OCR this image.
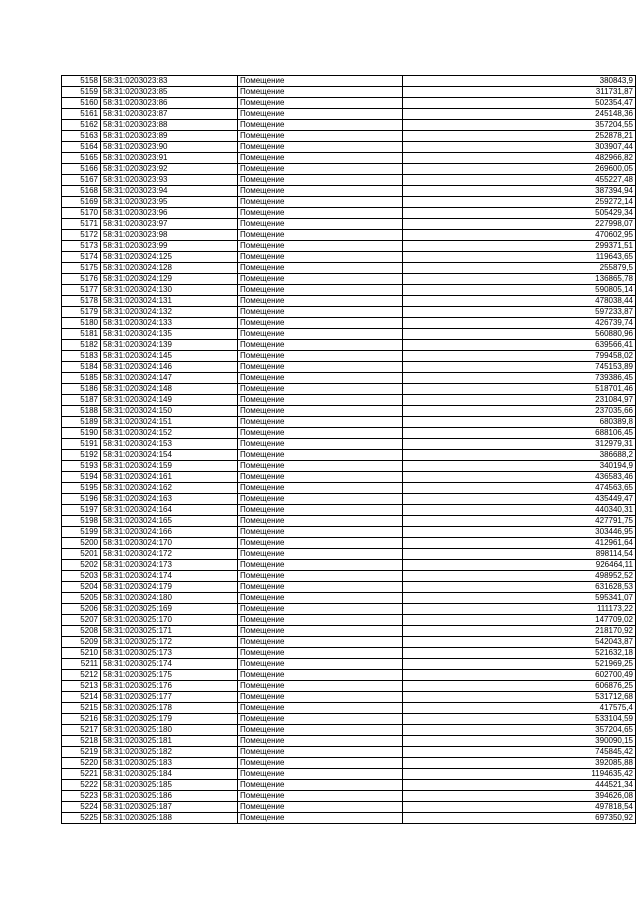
5158	58:31:0203023:83	Помещение	380843,9
5159	58:31:0203023:85	Помещение	311731,87
5160	58:31:0203023:86	Помещение	502354,47
5161	58:31:0203023:87	Помещение	245148,36
5162	58:31:0203023:88	Помещение	357204,55
5163	58:31:0203023:89	Помещение	252878,21
5164	58:31:0203023:90	Помещение	303907,44
5165	58:31:0203023:91	Помещение	482966,82
5166	58:31:0203023:92	Помещение	269600,05
5167	58:31:0203023:93	Помещение	455227,48
5168	58:31:0203023:94	Помещение	387394,94
5169	58:31:0203023:95	Помещение	259272,14
5170	58:31:0203023:96	Помещение	505429,34
5171	58:31:0203023:97	Помещение	227998,07
5172	58:31:0203023:98	Помещение	470602,95
5173	58:31:0203023:99	Помещение	299371,51
5174	58:31:0203024:125	Помещение	119643,65
5175	58:31:0203024:128	Помещение	255879,5
5176	58:31:0203024:129	Помещение	136865,78
5177	58:31:0203024:130	Помещение	590805,14
5178	58:31:0203024:131	Помещение	478038,44
5179	58:31:0203024:132	Помещение	597233,87
5180	58:31:0203024:133	Помещение	426739,74
5181	58:31:0203024:135	Помещение	560880,96
5182	58:31:0203024:139	Помещение	639566,41
5183	58:31:0203024:145	Помещение	799458,02
5184	58:31:0203024:146	Помещение	745153,89
5185	58:31:0203024:147	Помещение	739386,45
5186	58:31:0203024:148	Помещение	518701,46
5187	58:31:0203024:149	Помещение	231084,97
5188	58:31:0203024:150	Помещение	237035,66
5189	58:31:0203024:151	Помещение	680389,8
5190	58:31:0203024:152	Помещение	688106,45
5191	58:31:0203024:153	Помещение	312979,31
5192	58:31:0203024:154	Помещение	386688,2
5193	58:31:0203024:159	Помещение	340194,9
5194	58:31:0203024:161	Помещение	436583,46
5195	58:31:0203024:162	Помещение	474563,65
5196	58:31:0203024:163	Помещение	435449,47
5197	58:31:0203024:164	Помещение	440340,31
5198	58:31:0203024:165	Помещение	427791,75
5199	58:31:0203024:166	Помещение	303446,95
5200	58:31:0203024:170	Помещение	412961,64
5201	58:31:0203024:172	Помещение	898114,54
5202	58:31:0203024:173	Помещение	926464,11
5203	58:31:0203024:174	Помещение	498952,52
5204	58:31:0203024:179	Помещение	631628,53
5205	58:31:0203024:180	Помещение	595341,07
5206	58:31:0203025:169	Помещение	111173,22
5207	58:31:0203025:170	Помещение	147709,02
5208	58:31:0203025:171	Помещение	218170,92
5209	58:31:0203025:172	Помещение	542043,87
5210	58:31:0203025:173	Помещение	521632,18
5211	58:31:0203025:174	Помещение	521969,25
5212	58:31:0203025:175	Помещение	602700,49
5213	58:31:0203025:176	Помещение	606876,25
5214	58:31:0203025:177	Помещение	531712,68
5215	58:31:0203025:178	Помещение	417575,4
5216	58:31:0203025:179	Помещение	533104,59
5217	58:31:0203025:180	Помещение	357204,65
5218	58:31:0203025:181	Помещение	390090,15
5219	58:31:0203025:182	Помещение	745845,42
5220	58:31:0203025:183	Помещение	392085,88
5221	58:31:0203025:184	Помещение	1194635,42
5222	58:31:0203025:185	Помещение	444521,34
5223	58:31:0203025:186	Помещение	394626,08
5224	58:31:0203025:187	Помещение	497818,54
5225	58:31:0203025:188	Помещение	697350,92
